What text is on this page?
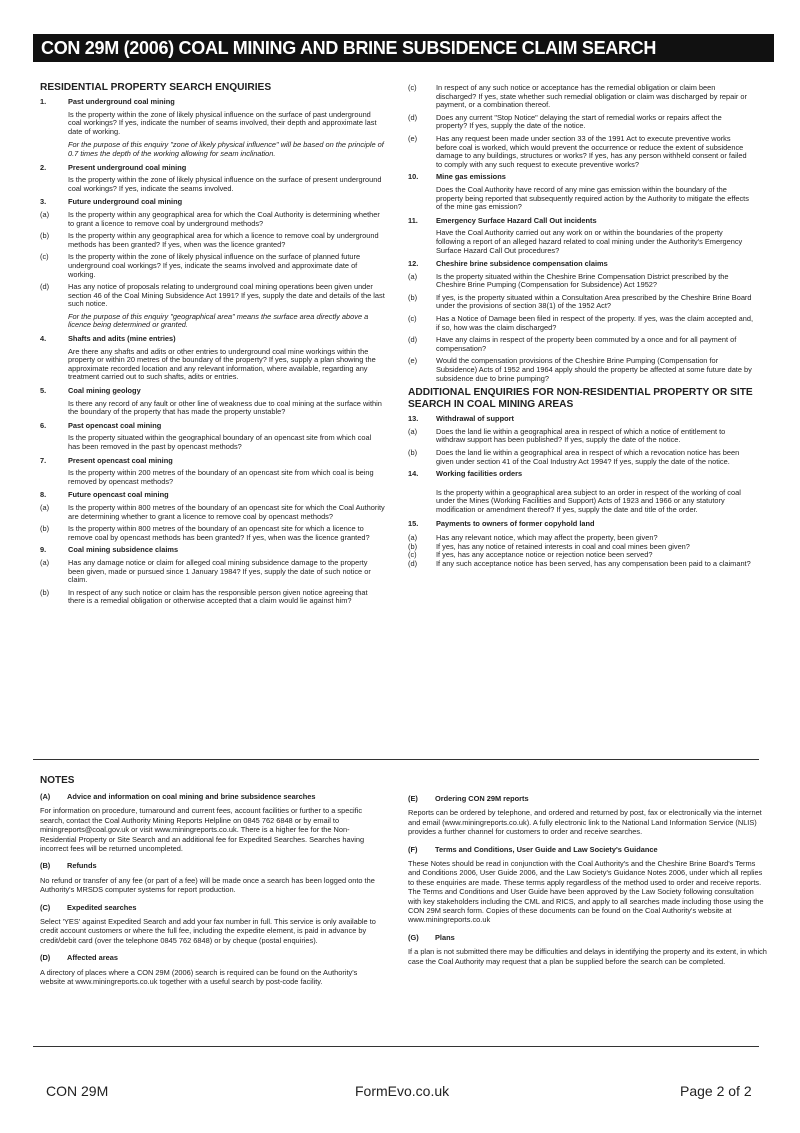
CON 29M (2006) COAL MINING AND BRINE SUBSIDENCE CLAIM SEARCH
RESIDENTIAL PROPERTY SEARCH ENQUIRIES
1.	Past underground coal mining
Is the property within the zone of likely physical influence on the surface of past underground coal workings? If yes, indicate the number of seams involved, their depth and approximate last date of working.
For the purpose of this enquiry "zone of likely physical influence" will be based on the principle of 0.7 times the depth of the working allowing for seam inclination.
2.	Present underground coal mining
Is the property within the zone of likely physical influence on the surface of present underground coal workings? If yes, indicate the seams involved.
3.	Future underground coal mining
(a)	Is the property within any geographical area for which the Coal Authority is determining whether to grant a licence to remove coal by underground methods?
(b)	Is the property within any geographical area for which a licence to remove coal by underground methods has been granted? If yes, when was the licence granted?
(c)	Is the property within the zone of likely physical influence on the surface of planned future underground coal workings? If yes, indicate the seams involved and approximate date of working.
(d)	Has any notice of proposals relating to underground coal mining operations been given under section 46 of the Coal Mining Subsidence Act 1991? If yes, supply the date and details of the last such notice.
For the purpose of this enquiry "geographical area" means the surface area directly above a licence being determined or granted.
4.	Shafts and adits (mine entries)
Are there any shafts and adits or other entries to underground coal mine workings within the property or within 20 metres of the boundary of the property? If yes, supply a plan showing the approximate recorded location and any relevant information, where available, regarding any treatment carried out to such shafts, adits or entries.
5.	Coal mining geology
Is there any record of any fault or other line of weakness due to coal mining at the surface within the boundary of the property that has made the property unstable?
6.	Past opencast coal mining
Is the property situated within the geographical boundary of an opencast site from which coal has been removed in the past by opencast methods?
7.	Present opencast coal mining
Is the property within 200 metres of the boundary of an opencast site from which coal is being removed by opencast methods?
8.	Future opencast coal mining
(a)	Is the property within 800 metres of the boundary of an opencast site for which the Coal Authority are determining whether to grant a licence to remove coal by opencast methods?
(b)	Is the property within 800 metres of the boundary of an opencast site for which a licence to remove coal by opencast methods has been granted? If yes, when was the licence granted?
9.	Coal mining subsidence claims
(a)	Has any damage notice or claim for alleged coal mining subsidence damage to the property been given, made or pursued since 1 January 1984? If yes, supply the date of such notice or claim.
(b)	In respect of any such notice or claim has the responsible person given notice agreeing that there is a remedial obligation or otherwise accepted that a claim would lie against him?
(c)	In respect of any such notice or acceptance has the remedial obligation or claim been discharged? If yes, state whether such remedial obligation or claim was discharged by repair or payment, or a combination thereof.
(d)	Does any current "Stop Notice" delaying the start of remedial works or repairs affect the property? If yes, supply the date of the notice.
(e)	Has any request been made under section 33 of the 1991 Act to execute preventive works before coal is worked, which would prevent the occurrence or reduce the extent of subsidence damage to any buildings, structures or works? If yes, has any person withheld consent or failed to comply with any such request to execute preventive works?
10.	Mine gas emissions
Does the Coal Authority have record of any mine gas emission within the boundary of the property being reported that subsequently required action by the Authority to mitigate the effects of the mine gas emission?
11.	Emergency Surface Hazard Call Out incidents
Have the Coal Authority carried out any work on or within the boundaries of the property following a report of an alleged hazard related to coal mining under the Authority's Emergency Surface Hazard Call Out procedures?
12.	Cheshire brine subsidence compensation claims
(a)	Is the property situated within the Cheshire Brine Compensation District prescribed by the Cheshire Brine Pumping (Compensation for Subsidence) Act 1952?
(b)	If yes, is the property situated within a Consultation Area prescribed by the Cheshire Brine Board under the provisions of section 38(1) of the 1952 Act?
(c)	Has a Notice of Damage been filed in respect of the property. If yes, was the claim accepted and, if so, how was the claim discharged?
(d)	Have any claims in respect of the property been commuted by a once and for all payment of compensation?
(e)	Would the compensation provisions of the Cheshire Brine Pumping (Compensation for Subsidence) Acts of 1952 and 1964 apply should the property be affected at some future date by subsidence due to brine pumping?
ADDITIONAL ENQUIRIES FOR NON-RESIDENTIAL PROPERTY OR SITE SEARCH IN COAL MINING AREAS
13.	Withdrawal of support
(a)	Does the land lie within a geographical area in respect of which a notice of entitlement to withdraw support has been published? If yes, supply the date of the notice.
(b)	Does the land lie within a geographical area in respect of which a revocation notice has been given under section 41 of the Coal Industry Act 1994? If yes, supply the date of the notice.
14.	Working facilities orders
Is the property within a geographical area subject to an order in respect of the working of coal under the Mines (Working Facilities and Support) Acts of 1923 and 1966 or any statutory modification or amendment thereof? If yes, supply the date and title of the order.
15.	Payments to owners of former copyhold land
(a)	Has any relevant notice, which may affect the property, been given?
(b)	If yes, has any notice of retained interests in coal and coal mines been given?
(c)	If yes, has any acceptance notice or rejection notice been served?
(d)	If any such acceptance notice has been served, has any compensation been paid to a claimant?
NOTES
(A)	Advice and information on coal mining and brine subsidence searches
For information on procedure, turnaround and current fees, account facilities or further to a specific search, contact the Coal Authority Mining Reports Helpline on 0845 762 6848 or by email to miningreports@coal.gov.uk or visit www.miningreports.co.uk. There is a higher fee for the Non-Residential Property or Site Search and an additional fee for Expedited Searches. Searches having incorrect fees will be returned uncompleted.
(B)	Refunds
No refund or transfer of any fee (or part of a fee) will be made once a search has been logged onto the Authority's MRSDS computer systems for report production.
(C)	Expedited searches
Select 'YES' against Expedited Search and add your fax number in full. This service is only available to credit account customers or where the full fee, including the expedite element, is paid in advance by credit/debit card (over the telephone 0845 762 6848) or by cheque (postal enquiries).
(D)	Affected areas
A directory of places where a CON 29M (2006) search is required can be found on the Authority's website at www.miningreports.co.uk together with a useful search by post-code facility.
(E)	Ordering CON 29M reports
Reports can be ordered by telephone, and ordered and returned by post, fax or electronically via the internet and email (www.miningreports.co.uk). A fully electronic link to the National Land Information Service (NLIS) provides a further channel for customers to order and receive searches.
(F)	Terms and Conditions, User Guide and Law Society's Guidance
These Notes should be read in conjunction with the Coal Authority's and the Cheshire Brine Board's Terms and Conditions 2006, User Guide 2006, and the Law Society's Guidance Notes 2006, under which all replies to these enquiries are made. These terms apply regardless of the method used to order and receive reports. The Terms and Conditions and User Guide have been approved by the Law Society following consultation with key stakeholders including the CML and RICS, and apply to all searches made including those using the CON 29M search form. Copies of these documents can be found on the Coal Authority's website at www.miningreports.co.uk
(G)	Plans
If a plan is not submitted there may be difficulties and delays in identifying the property and its extent, in which case the Coal Authority may request that a plan be supplied before the search can be completed.
CON 29M	FormEvo.co.uk	Page 2 of 2
